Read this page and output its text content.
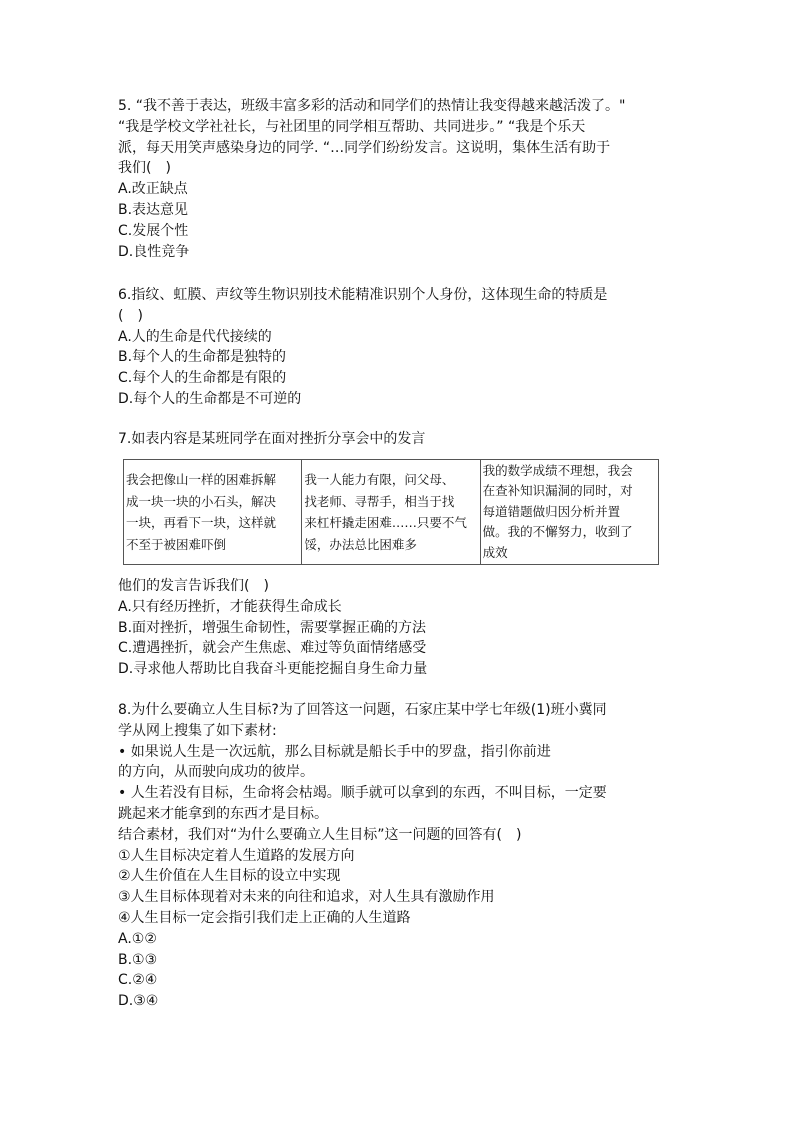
5. “我不善于表达，班级丰富多彩的活动和同学们的热情让我变得越来越活泼了。"

“我是学校文学社社长，与社团里的同学相互帮助、共同进步。” “我是个乐天

派，每天用笑声感染身边的同学. “…同学们纷纷发言。这说明，集体生活有助于

我们(　)

A.改正缺点

B.表达意见

C.发展个性

D.良性竞争

6.指纹、虹膜、声纹等生物识别技术能精准识别个人身份，这体现生命的特质是

(　)

A.人的生命是代代接续的

B.每个人的生命都是独特的

C.每个人的生命都是有限的

D.每个人的生命都是不可逆的

7.如表内容是某班同学在面对挫折分享会中的发言

我会把像山一样的困难拆解
成一块一块的小石头，解决
一块，再看下一块，这样就
不至于被困难吓倒

我一人能力有限，问父母、
找老师、寻帮手，相当于找
来杠杆撬走困难……只要不气
馁，办法总比困难多

我的数学成绩不理想，我会
在查补知识漏洞的同时，对
每道错题做归因分析并置
做。我的不懈努力，收到了
成效

他们的发言告诉我们(　)

A.只有经历挫折，才能获得生命成长

B.面对挫折，增强生命韧性，需要掌握正确的方法

C.遭遇挫折，就会产生焦虑、难过等负面情绪感受

D.寻求他人帮助比自我奋斗更能挖掘自身生命力量

8.为什么要确立人生目标?为了回答这一问题，石家庄某中学七年级(1)班小冀同

学从网上搜集了如下素材:

• 如果说人生是一次远航，那么目标就是船长手中的罗盘，指引你前进

的方向，从而驶向成功的彼岸。

• 人生若没有目标，生命将会枯竭。顺手就可以拿到的东西，不叫目标，一定要

跳起来才能拿到的东西才是目标。

结合素材，我们对“为什么要确立人生目标”这一问题的回答有(　)

①人生目标决定着人生道路的发展方向

②人生价值在人生目标的设立中实现

③人生目标体现着对未来的向往和追求，对人生具有激励作用

④人生目标一定会指引我们走上正确的人生道路

A.①②

B.①③

C.②④

D.③④
